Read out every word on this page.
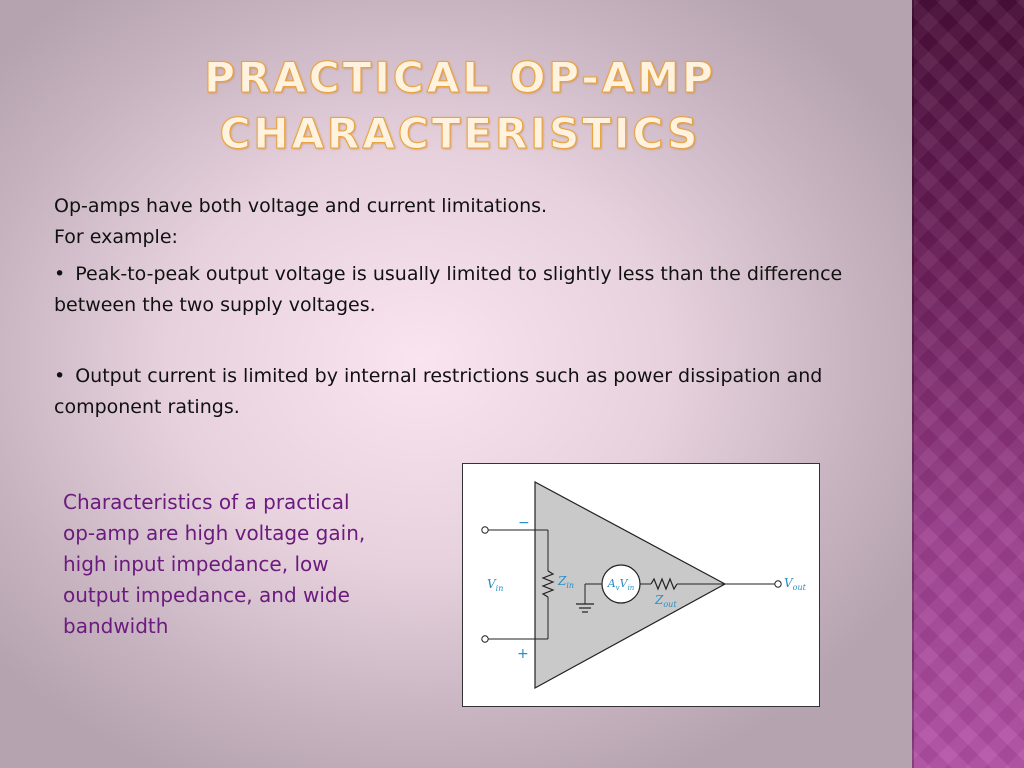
PRACTICAL OP-AMP CHARACTERISTICS
Op-amps have both voltage and current limitations.
For example:
• Peak-to-peak output voltage is usually limited to slightly less than the difference between the two supply voltages.
• Output current is limited by internal restrictions such as power dissipation and component ratings.
Characteristics of a practical op-amp are high voltage gain, high input impedance, low output impedance, and wide bandwidth
−
+
$V_{in}$
$Z_{in}$	$A_vV_{in}$
$Z_{out}$
$V_{out}$
